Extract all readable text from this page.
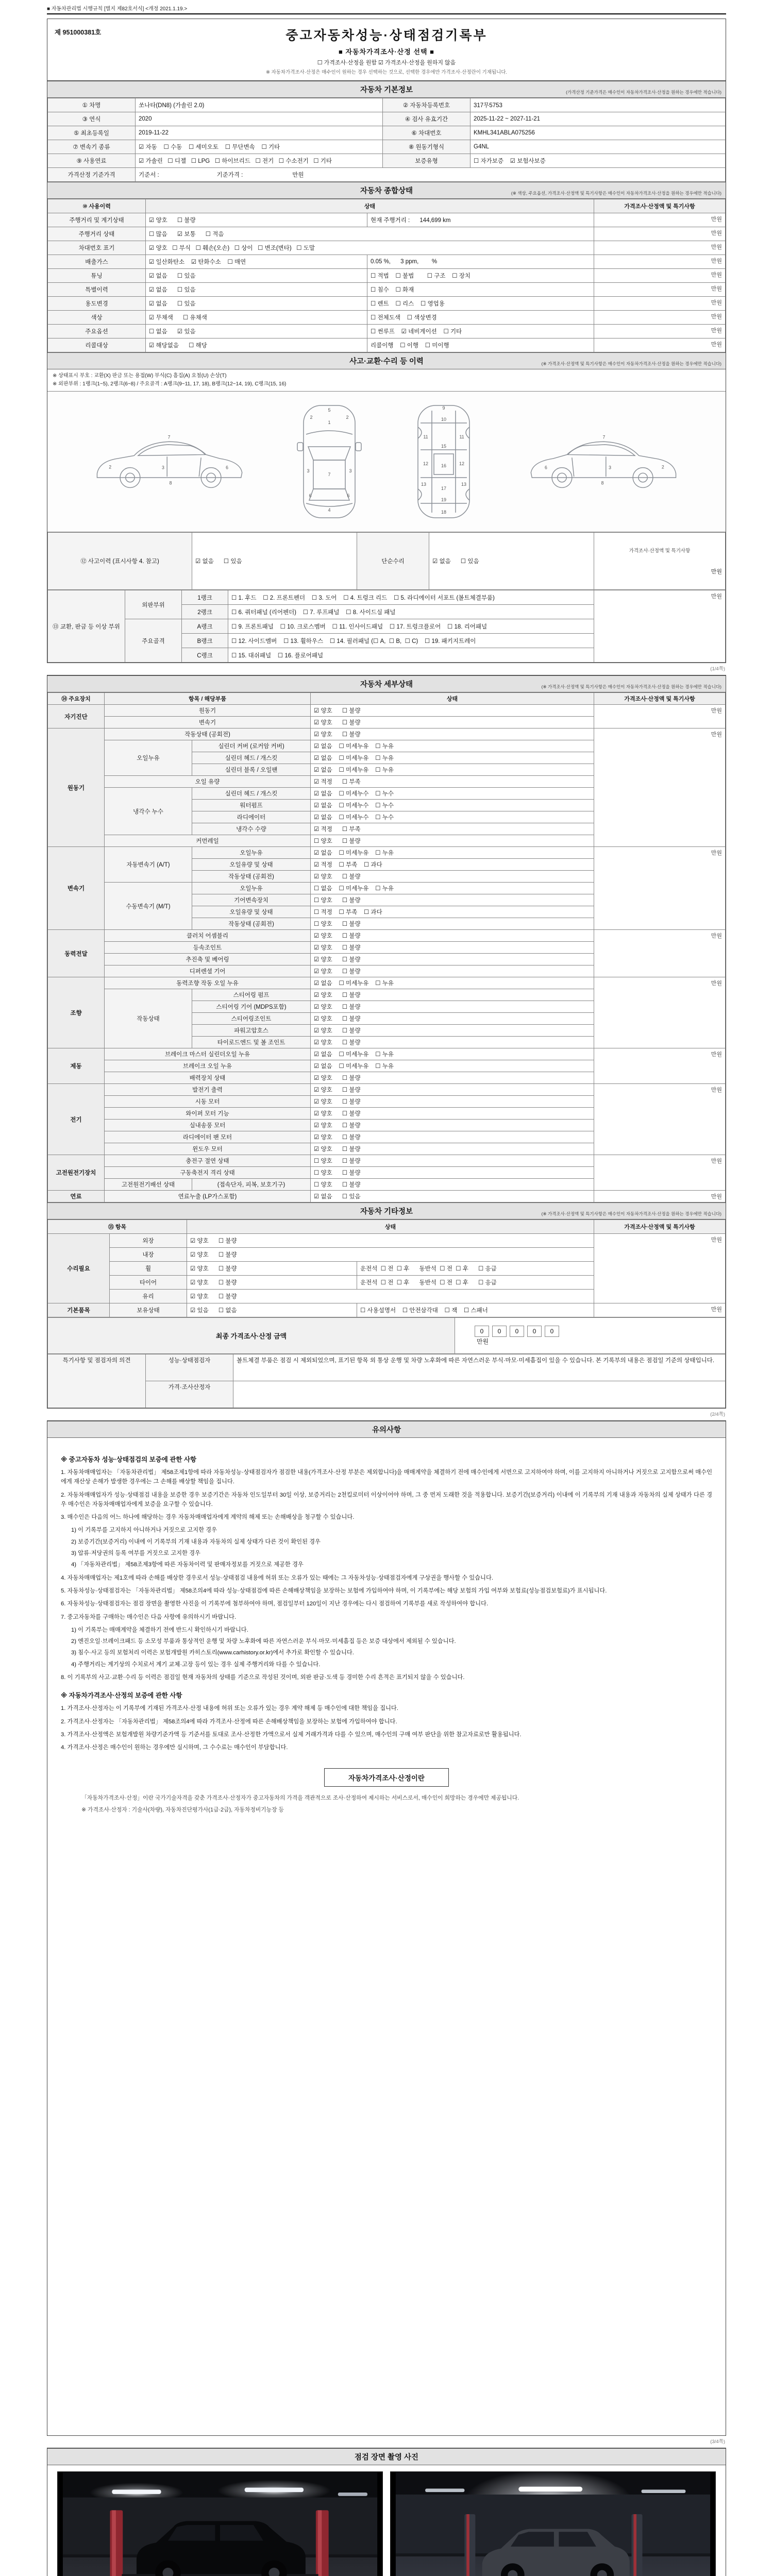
■ 자동차관리법 시행규칙 [별지 제82호서식] <개정 2021.1.19.>
제 951000381호	중고자동차성능·상태점검기록부
■ 자동차가격조사·산정 선택 ■
☐ 가격조사·산정을 원함 ☑ 가격조사·산정을 원하지 않음
※ 자동차가격조사·산정은 매수인이 원하는 경우 선택하는 것으로, 선택한 경우에만 가격조사·산정란이 기재됩니다.
자동차 기본정보	(가격산정 기준가격은 매수인이 자동차가격조사·산정을 원하는 경우에만 적습니다)
① 차명	쏘나타(DN8) (가솔린 2.0)	② 자동차등록번호	317무5753
③ 연식	2020	④ 검사 유효기간	2025-11-22 ~ 2027-11-21
⑤ 최초등록일	2019-11-22	⑥ 차대번호	KMHL341ABLA075256
⑦ 변속기 종류	☑ 자동    ☐ 수동    ☐ 세미오토    ☐ 무단변속    ☐ 기타	⑧ 원동기형식	G4NL
⑨ 사용연료	☑ 가솔린   ☐ 디젤   ☐ LPG   ☐ 하이브리드   ☐ 전기   ☐ 수소전기   ☐ 기타	보증유형	☐ 자가보증    ☑ 보험사보증
가격산정 기준가격	기준서 :                                   기준가격 :                              만원		
자동차 종합상태	(※ 색상, 주요옵션, 가격조사·산정액 및 특기사항은 매수인이 자동차가격조사·산정을 원하는 경우에만 적습니다)
⑩ 사용이력	상태		가격조사·산정액 및 특기사항
주행거리 및 계기상태	☑ 양호      ☐ 불량	현재 주행거리 :      144,699 km	만원
주행거리 상태	☐ 많음      ☑ 보통      ☐ 적음		만원
차대번호 표기	☑ 양호   ☐ 부식   ☐ 훼손(오손)   ☐ 상이   ☐ 변조(변타)   ☐ 도말		만원
배출가스	☑ 일산화탄소    ☑ 탄화수소    ☐ 매연	0.05 %,      3 ppm,        %	만원
튜닝	☑ 없음      ☐ 있음	☐ 적법    ☐ 불법        ☐ 구조    ☐ 장치	만원
특별이력	☑ 없음      ☐ 있음	☐ 침수    ☐ 화재	만원
용도변경	☑ 없음      ☐ 있음	☐ 렌트    ☐ 리스    ☐ 영업용	만원
색상	☑ 무채색      ☐ 유채색	☐ 전체도색    ☐ 색상변경	만원
주요옵션	☐ 없음      ☑ 있음	☐ 썬루프    ☑ 네비게이션    ☐ 기타	만원
리콜대상	☑ 해당없음      ☐ 해당	리콜이행    ☐ 이행    ☐ 미이행	만원
사고·교환·수리 등 이력	(※ 가격조사·산정액 및 특기사항은 매수인이 자동차가격조사·산정을 원하는 경우에만 적습니다)
※ 상태표시 부호 : 교환(X) 판금 또는 용접(W) 부식(C) 흠집(A) 요철(U) 손상(T)
※ 외판부위 : 1랭크(1~5), 2랭크(6~8) / 주요골격 : A랭크(9~11, 17, 18), B랭크(12~14, 19), C랭크(15, 16)
2	3	6
7
8
5
1
2	2
3	3
7
6	6
4
9
10
11	11
15
12	12
13	13
16
17
19
18
2
3
6
7
8
⑫ 사고이력 (표시사항 4. 참고)	☑ 없음      ☐ 있음	단순수리	☑ 없음      ☐ 있음	

가격조사·산정액 및 특기사항

만원

⑬ 교환, 판금 등 이상 부위	외판부위	1랭크	☐ 1. 후드    ☐ 2. 프론트펜더    ☐ 3. 도어    ☐ 4. 트렁크 리드    ☐ 5. 라디에이터 서포트 (볼트체결부품)	만원
		2랭크	☐ 6. 쿼터패널 (리어펜더)    ☐ 7. 루프패널    ☐ 8. 사이드실 패널	
	주요골격	A랭크	☐ 9. 프론트패널    ☐ 10. 크로스멤버    ☐ 11. 인사이드패널    ☐ 17. 트렁크플로어    ☐ 18. 리어패널	
		B랭크	☐ 12. 사이드멤버    ☐ 13. 휠하우스    ☐ 14. 필러패널 (☐ A,  ☐ B,  ☐ C)    ☐ 19. 패키지트레이	
		C랭크	☐ 15. 대쉬패널    ☐ 16. 플로어패널	
(1/4쪽)
자동차 세부상태	(※ 가격조사·산정액 및 특기사항은 매수인이 자동차가격조사·산정을 원하는 경우에만 적습니다)
⑭ 주요장치	항목 / 해당부품		상태	가격조사·산정액 및 특기사항
자기진단	원동기		☑ 양호      ☐ 불량	만원
	변속기		☑ 양호      ☐ 불량	
원동기	작동상태 (공회전)		☑ 양호      ☐ 불량	만원
	오일누유	실린더 커버 (로커암 커버)	☑ 없음    ☐ 미세누유    ☐ 누유	
		실린더 헤드 / 개스킷	☑ 없음    ☐ 미세누유    ☐ 누유	
		실린더 블록 / 오일팬	☑ 없음    ☐ 미세누유    ☐ 누유	
	오일 유량		☑ 적정      ☐ 부족	
	냉각수 누수	실린더 헤드 / 개스킷	☑ 없음    ☐ 미세누수    ☐ 누수	
		워터펌프	☑ 없음    ☐ 미세누수    ☐ 누수	
		라디에이터	☑ 없음    ☐ 미세누수    ☐ 누수	
		냉각수 수량	☑ 적정      ☐ 부족	
	커먼레일		☐ 양호      ☐ 불량	
변속기	자동변속기 (A/T)	오일누유	☑ 없음    ☐ 미세누유    ☐ 누유	만원
		오일유량 및 상태	☑ 적정    ☐ 부족    ☐ 과다	
		작동상태 (공회전)	☑ 양호      ☐ 불량	
	수동변속기 (M/T)	오일누유	☐ 없음    ☐ 미세누유    ☐ 누유	
		기어변속장치	☐ 양호      ☐ 불량	
		오일유량 및 상태	☐ 적정    ☐ 부족    ☐ 과다	
		작동상태 (공회전)	☐ 양호      ☐ 불량	
동력전달	클러치 어셈블리		☑ 양호      ☐ 불량	만원
	등속조인트		☑ 양호      ☐ 불량	
	추진축 및 베어링		☑ 양호      ☐ 불량	
	디퍼렌셜 기어		☑ 양호      ☐ 불량	
조향	동력조향 작동 오일 누유		☑ 없음    ☐ 미세누유    ☐ 누유	만원
	작동상태	스티어링 펌프	☑ 양호      ☐ 불량	
		스티어링 기어 (MDPS포함)	☑ 양호      ☐ 불량	
		스티어링조인트	☑ 양호      ☐ 불량	
		파워고압호스	☑ 양호      ☐ 불량	
		타이로드엔드 및 볼 조인트	☑ 양호      ☐ 불량	
제동	브레이크 마스터 실린더오일 누유		☑ 없음    ☐ 미세누유    ☐ 누유	만원
	브레이크 오일 누유		☑ 없음    ☐ 미세누유    ☐ 누유	
	배력장치 상태		☑ 양호      ☐ 불량	
전기	발전기 출력		☑ 양호      ☐ 불량	만원
	시동 모터		☑ 양호      ☐ 불량	
	와이퍼 모터 기능		☑ 양호      ☐ 불량	
	실내송풍 모터		☑ 양호      ☐ 불량	
	라디에이터 팬 모터		☑ 양호      ☐ 불량	
	윈도우 모터		☑ 양호      ☐ 불량	
고전원전기장치	충전구 절연 상태		☐ 양호      ☐ 불량	만원
	구동축전지 격리 상태		☐ 양호      ☐ 불량	
	고전원전기배선 상태	(접속단자, 피복, 보호기구)	☐ 양호      ☐ 불량	
연료	연료누출 (LP가스포함)		☑ 없음      ☐ 있음	만원
자동차 기타정보	(※ 가격조사·산정액 및 특기사항은 매수인이 자동차가격조사·산정을 원하는 경우에만 적습니다)
⑮ 항목		상태		가격조사·산정액 및 특기사항
수리필요	외장	☑ 양호      ☐ 불량		만원
	내장	☑ 양호      ☐ 불량		
	휠	☑ 양호      ☐ 불량	운전석  ☐ 전  ☐ 후      동반석  ☐ 전  ☐ 후      ☐ 응급	
	타이어	☑ 양호      ☐ 불량	운전석  ☐ 전  ☐ 후      동반석  ☐ 전  ☐ 후      ☐ 응급	
	유리	☑ 양호      ☐ 불량		
기본품목	보유상태	☑ 있음      ☐ 없음	☐ 사용설명서    ☐ 안전삼각대    ☐ 잭    ☐ 스패너	만원
최종 가격조사·산정 금액	
0 0 0 0 0
만원

특기사항 및 점검자의 의견	성능·상태점검자	볼트체결 부품은 점검 시 제외되었으며, 표기된 항목 외 통상 운행 및 차량 노후화에 따른 자연스러운 부식·마모·미세흠집이 있을 수 있습니다. 본 기록부의 내용은 점검일 기준의 상태입니다.
	가격·조사산정자	
(2/4쪽)
유의사항

※ 중고자동차 성능·상태점검의 보증에 관한 사항

1. 자동차매매업자는 「자동차관리법」 제58조제1항에 따라 자동차성능·상태점검자가 점검한 내용(가격조사·산정 부분은 제외합니다)을 매매계약을 체결하기 전에 매수인에게 서면으로 고지하여야 하며, 이를 고지하지 아니하거나 거짓으로 고지함으로써 매수인에게 재산상 손해가 발생한 경우에는 그 손해를 배상할 책임을 집니다.

2. 자동차매매업자가 성능·상태점검 내용을 보증한 경우 보증기간은 자동차 인도일부터 30일 이상, 보증거리는 2천킬로미터 이상이어야 하며, 그 중 먼저 도래한 것을 적용합니다. 보증기간(보증거리) 이내에 이 기록부의 기재 내용과 자동차의 실제 상태가 다른 경우 매수인은 자동차매매업자에게 보증을 요구할 수 있습니다.

3. 매수인은 다음의 어느 하나에 해당하는 경우 자동차매매업자에게 계약의 해제 또는 손해배상을 청구할 수 있습니다.

1) 이 기록부를 고지하지 아니하거나 거짓으로 고지한 경우

2) 보증기간(보증거리) 이내에 이 기록부의 기재 내용과 자동차의 실제 상태가 다른 것이 확인된 경우

3) 압류·저당권의 등록 여부를 거짓으로 고지한 경우

4) 「자동차관리법」 제58조제3항에 따른 자동차이력 및 판매자정보를 거짓으로 제공한 경우

4. 자동차매매업자는 제1호에 따라 손해를 배상한 경우로서 성능·상태점검 내용에 허위 또는 오류가 있는 때에는 그 자동차성능·상태점검자에게 구상권을 행사할 수 있습니다.

5. 자동차성능·상태점검자는 「자동차관리법」 제58조의4에 따라 성능·상태점검에 따른 손해배상책임을 보장하는 보험에 가입하여야 하며, 이 기록부에는 해당 보험의 가입 여부와 보험료(성능점검보험료)가 표시됩니다.

6. 자동차성능·상태점검자는 점검 장면을 촬영한 사진을 이 기록부에 첨부하여야 하며, 점검일부터 120일이 지난 경우에는 다시 점검하여 기록부를 새로 작성하여야 합니다.

7. 중고자동차를 구매하는 매수인은 다음 사항에 유의하시기 바랍니다.

1) 이 기록부는 매매계약을 체결하기 전에 반드시 확인하시기 바랍니다.

2) 엔진오일·브레이크패드 등 소모성 부품과 통상적인 운행 및 차량 노후화에 따른 자연스러운 부식·마모·미세흠집 등은 보증 대상에서 제외될 수 있습니다.

3) 침수·사고 등의 보험처리 이력은 보험개발원 카히스토리(www.carhistory.or.kr)에서 추가로 확인할 수 있습니다.

4) 주행거리는 계기상의 수치로서 계기 교체·고장 등이 있는 경우 실제 주행거리와 다를 수 있습니다.

8. 이 기록부의 사고·교환·수리 등 이력은 점검일 현재 자동차의 상태를 기준으로 작성된 것이며, 외판 판금·도색 등 경미한 수리 흔적은 표기되지 않을 수 있습니다.

※ 자동차가격조사·산정의 보증에 관한 사항

1. 가격조사·산정자는 이 기록부에 기재된 가격조사·산정 내용에 허위 또는 오류가 있는 경우 계약 해제 등 매수인에 대한 책임을 집니다.

2. 가격조사·산정자는 「자동차관리법」 제58조의4에 따라 가격조사·산정에 따른 손해배상책임을 보장하는 보험에 가입하여야 합니다.

3. 가격조사·산정액은 보험개발원 차량기준가액 등 기준서를 토대로 조사·산정한 가액으로서 실제 거래가격과 다를 수 있으며, 매수인의 구매 여부 판단을 위한 참고자료로만 활용됩니다.

4. 가격조사·산정은 매수인이 원하는 경우에만 실시하며, 그 수수료는 매수인이 부담합니다.

자동차가격조사·산정이란

「자동차가격조사·산정」이란 국가기술자격을 갖춘 가격조사·산정자가 중고자동차의 가격을 객관적으로 조사·산정하여 제시하는 서비스로서, 매수인이 희망하는 경우에만 제공됩니다.

※ 가격조사·산정자 : 기술사(차량), 자동차진단평가사(1급·2급), 자동차정비기능장 등

(3/4쪽)
점검 장면 촬영 사진
